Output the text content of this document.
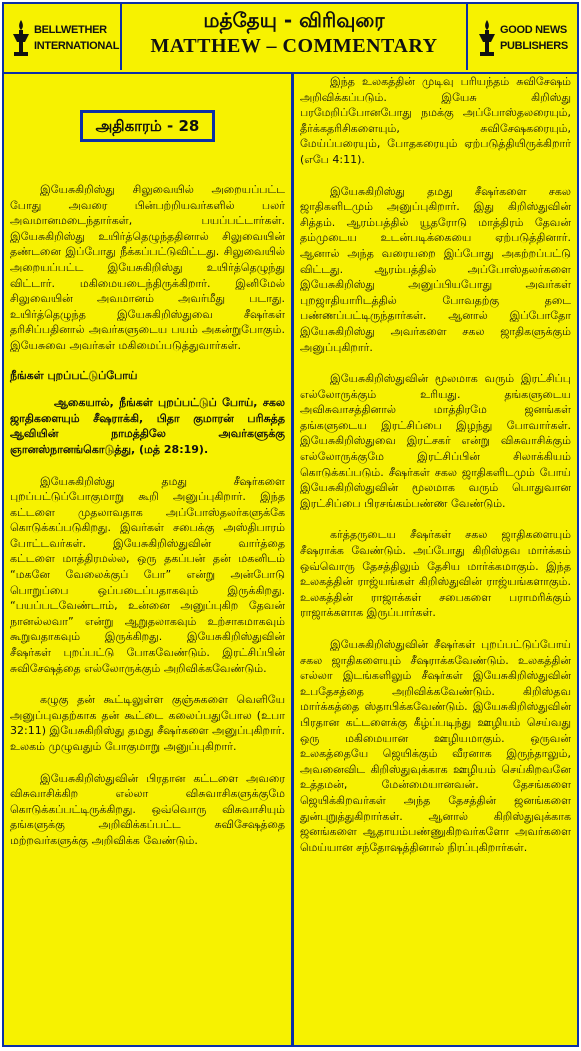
BELLWETHER
INTERNATIONAL
மத்தேயு - விரிவுரை
MATTHEW – COMMENTARY
GOOD NEWS
PUBLISHERS
அதிகாரம் - 28

இயேசுகிறிஸ்து சிலுவையில் அறையப்பட்ட போது அவரை பின்பற்றியவர்களில் பலர் அவமானமடைந்தார்கள், பயப்பட்டார்கள். இயேசுகிறிஸ்து உயிர்த்தெழுந்ததினால் சிலுவையின் தண்டனை இப்போது நீக்கப்பட்டுவிட்டது. சிலுவையில் அறையப்பட்ட இயேசுகிறிஸ்து உயிர்த்தெழுந்து விட்டார். மகிமையடைந்திருக்கிறார். இனிமேல் சிலுவையின் அவமானம் அவர்மீது படாது. உயிர்த்தெழுந்த இயேசுகிறிஸ்துவை சீஷர்கள் தரிசிப்பதினால் அவர்களுடைய பயம் அகன்றுபோகும். இயேசுவை அவர்கள் மகிமைப்படுத்துவார்கள்.

நீங்கள் புறப்பட்டுப்போய்

ஆகையால், நீங்கள் புறப்பட்டுப் போய், சகல ஜாதிகளையும் சீஷராக்கி, பிதா குமாரன் பரிசுத்த ஆவியின் நாமத்திலே அவர்களுக்கு ஞானஸ்நானங்கொடுத்து, (மத் 28:19).

இயேசுகிறிஸ்து தமது சீஷர்களை புறப்பட்டுப்போகுமாறு கூறி அனுப்புகிறார். இந்த கட்டளை முதலாவதாக அப்போஸ்தலர்களுக்கே கொடுக்கப்படுகிறது. இவர்கள் சபைக்கு அஸ்திபாரம் போட்டவர்கள். இயேசுகிறிஸ்துவின் வார்த்தை கட்டளை மாத்திரமல்ல, ஒரு தகப்பன் தன் மகனிடம் “மகனே வேலைக்குப் போ” என்று அன்போடு பொறுப்பை ஒப்படைப்பதாகவும் இருக்கிறது. “பயப்படவேண்டாம், உன்னை அனுப்புகிற தேவன் நானல்லவா” என்று ஆறுதலாகவும் உற்சாகமாகவும் கூறுவதாகவும் இருக்கிறது. இயேசுகிறிஸ்துவின் சீஷர்கள் புறப்பட்டு போகவேண்டும். இரட்சிப்பின் சுவிசேஷத்தை எல்லோருக்கும் அறிவிக்கவேண்டும்.

கழுகு தன் கூட்டிலுள்ள குஞ்சுகளை வெளியே அனுப்புவதற்காக தன் கூட்டை கலைப்பதுபோல (உபா 32:11) இயேசுகிறிஸ்து தமது சீஷர்களை அனுப்புகிறார். உலகம் முழுவதும் போகுமாறு அனுப்புகிறார்.

இயேசுகிறிஸ்துவின் பிரதான கட்டளை அவரை விசுவாசிக்கிற எல்லா விசுவாசிகளுக்குமே கொடுக்கப்பட்டிருக்கிறது. ஒவ்வொரு விசுவாசியும் தங்களுக்கு அறிவிக்கப்பட்ட சுவிசேஷத்தை மற்றவர்களுக்கு அறிவிக்க வேண்டும்.

இந்த உலகத்தின் முடிவு பரியந்தம் சுவிசேஷம் அறிவிக்கப்படும். இயேசு கிறிஸ்து பரமேறிப்போனபோது நமக்கு அப்போஸ்தலரையும், தீர்க்கதரிசிகளையும், சுவிசேஷகரையும், மேய்ப்பரையும், போதகரையும் ஏற்படுத்தியிருக்கிறார் (எபே 4:11).

இயேசுகிறிஸ்து தமது சீஷர்களை சகல ஜாதிகளிடமும் அனுப்புகிறார். இது கிறிஸ்துவின் சித்தம். ஆரம்பத்தில் யூதரோடு மாத்திரம் தேவன் தம்முடைய உடன்படிக்கையை ஏற்படுத்தினார். ஆனால் அந்த வரையறை இப்போது அகற்றப்பட்டு விட்டது. ஆரம்பத்தில் அப்போஸ்தலர்களை இயேசுகிறிஸ்து அனுப்பியபோது அவர்கள் புறஜாதியாரிடத்தில் போவதற்கு தடை பண்ணப்பட்டிருந்தார்கள். ஆனால் இப்போதோ இயேசுகிறிஸ்து அவர்களை சகல ஜாதிகளுக்கும் அனுப்புகிறார்.

இயேசுகிறிஸ்துவின் மூலமாக வரும் இரட்சிப்பு எல்லோருக்கும் உரியது. தங்களுடைய அவிசுவாசத்தினால் மாத்திரமே ஜனங்கள் தங்களுடைய இரட்சிப்பை இழந்து போவார்கள். இயேசுகிறிஸ்துவை இரட்சகர் என்று விசுவாசிக்கும் எல்லோருக்குமே இரட்சிப்பின் சிலாக்கியம் கொடுக்கப்படும். சீஷர்கள் சகல ஜாதிகளிடமும் போய் இயேசுகிறிஸ்துவின் மூலமாக வரும் பொதுவான இரட்சிப்பை பிரசங்கம்பண்ண வேண்டும்.

கர்த்தருடைய சீஷர்கள் சகல ஜாதிகளையும் சீஷராக்க வேண்டும். அப்போது கிறிஸ்தவ மார்க்கம் ஒவ்வொரு தேசத்திலும் தேசிய மார்க்கமாகும். இந்த உலகத்தின் ராஜ்யங்கள் கிறிஸ்துவின் ராஜ்யங்களாகும். உலகத்தின் ராஜாக்கள் சபைகளை பராமரிக்கும் ராஜாக்களாக இருப்பார்கள்.

இயேசுகிறிஸ்துவின் சீஷர்கள் புறப்பட்டுப்போய் சகல ஜாதிகளையும் சீஷராக்கவேண்டும். உலகத்தின் எல்லா இடங்களிலும் சீஷர்கள் இயேசுகிறிஸ்துவின் உபதேசத்தை அறிவிக்கவேண்டும். கிறிஸ்தவ மார்க்கத்தை ஸ்தாபிக்கவேண்டும். இயேசுகிறிஸ்துவின் பிரதான கட்டளைக்கு கீழ்ப்படிந்து ஊழியம் செய்வது ஒரு மகிமையான ஊழியமாகும். ஒருவன் உலகத்தையே ஜெயிக்கும் வீரனாக இருந்தாலும், அவனைவிட கிறிஸ்துவுக்காக ஊழியம் செய்கிறவனே உத்தமன், மேன்மையானவன். தேசங்களை ஜெயிக்கிறவர்கள் அந்த தேசத்தின் ஜனங்களை துன்புறுத்துகிறார்கள். ஆனால் கிறிஸ்துவுக்காக ஜனங்களை ஆதாயம்பண்ணுகிறவர்களோ அவர்களை மெய்யான சந்தோஷத்தினால் நிரப்புகிறார்கள்.
